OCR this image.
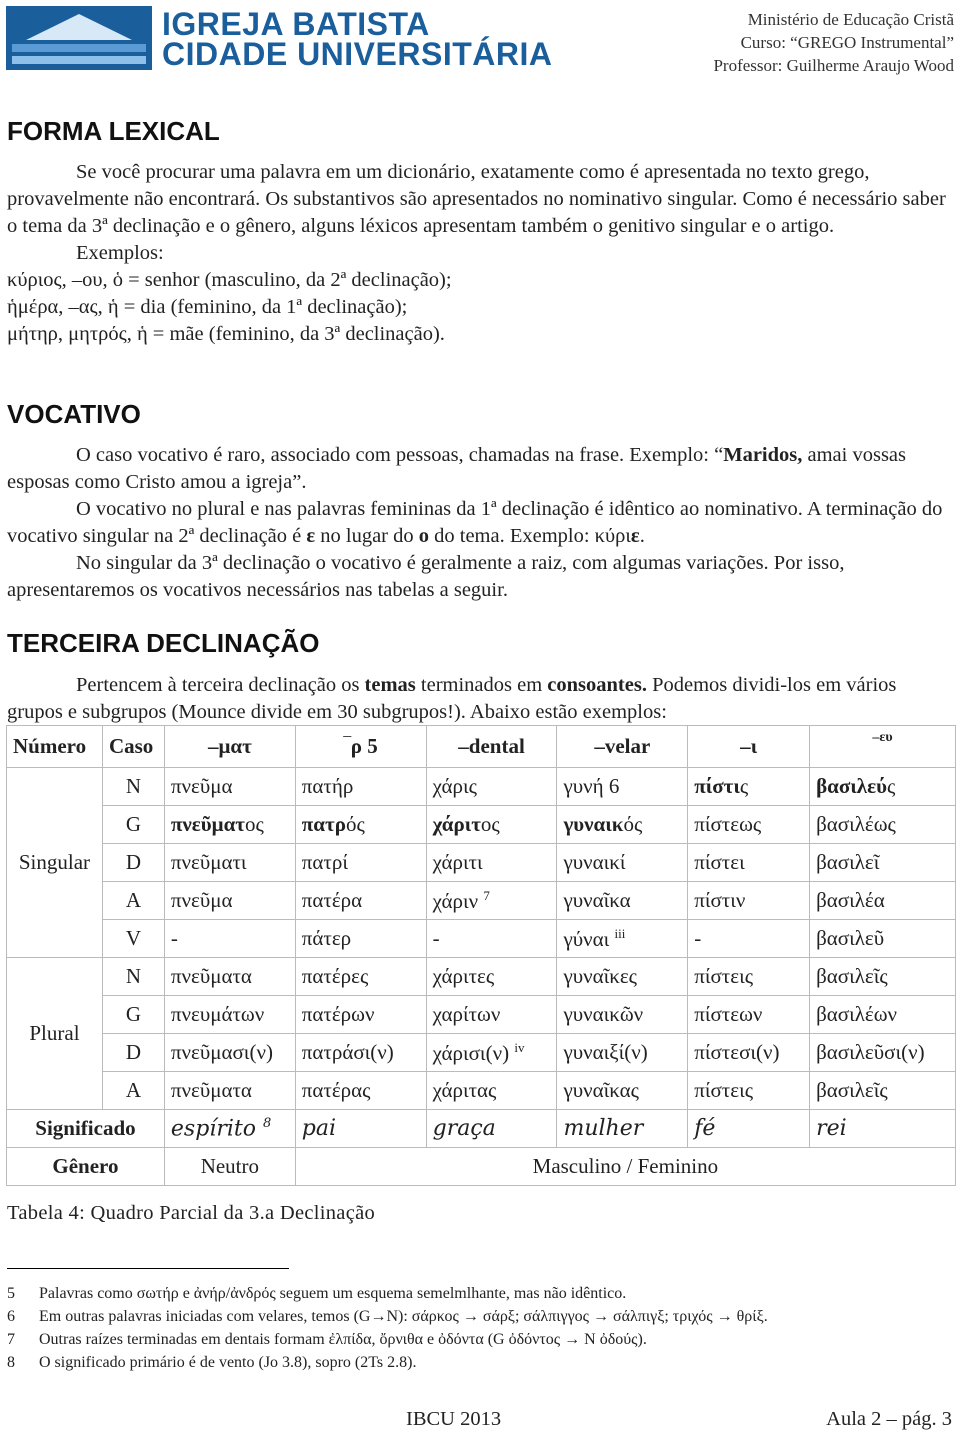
IGREJA BATISTA
CIDADE UNIVERSITÁRIA
Ministério de Educação Cristã
Curso: “GREGO Instrumental”
Professor: Guilherme Araujo Wood
FORMA LEXICAL

Se você procurar uma palavra em um dicionário, exatamente como é apresentada no texto grego, provavelmente não encontrará. Os substantivos são apresentados no nominativo singular. Como é necessário saber o tema da 3ª declinação e o gênero, alguns léxicos apresentam também o genitivo singular e o artigo.

Exemplos:

κύριος, –ου, ὁ = senhor (masculino, da 2ª declinação);

ἡμέρα, –ας, ἡ = dia (feminino, da 1ª declinação);

μήτηρ, μητρός, ἡ = mãe (feminino, da 3ª declinação).

VOCATIVO

O caso vocativo é raro, associado com pessoas, chamadas na frase. Exemplo: “Maridos, amai vossas esposas como Cristo amou a igreja”.

O vocativo no plural e nas palavras femininas da 1ª declinação é idêntico ao nominativo. A terminação do vocativo singular na 2ª declinação é ε no lugar do ο do tema. Exemplo: κύριε.

No singular da 3ª declinação o vocativo é geralmente a raiz, com algumas variações. Por isso, apresentaremos os vocativos necessários nas tabelas a seguir.

TERCEIRA DECLINAÇÃO

Pertencem à terceira declinação os temas terminados em consoantes. Podemos dividi-los em vários grupos e subgrupos (Mounce divide em 30 subgrupos!). Abaixo estão exemplos:

Número	Caso	–ματ	‾ρ 5	–dental	–velar	–ι	–ευ
Singular	N	πνεῦμα	πατήρ	χάρις	γυνή 6	πίστις	βασιλεύς
	G	πνεῦματος	πατρός	χάριτος	γυναικός	πίστεως	βασιλέως
	D	πνεῦματι	πατρί	χάριτι	γυναικί	πίστει	βασιλεῖ
	A	πνεῦμα	πατέρα	χάριν $^7$	γυναῖκα	πίστιν	βασιλέα
	V	-	πάτερ	-	γύναι $^{iii}$	-	βασιλεῦ
Plural	N	πνεῦματα	πατέρες	χάριτες	γυναῖκες	πίστεις	βασιλεῖς
	G	πνευμάτων	πατέρων	χαρίτων	γυναικῶν	πίστεων	βασιλέων
	D	πνεῦμασι(ν)	πατράσι(ν)	χάρισι(ν) $^{iv}$	γυναιξί(ν)	πίστεσι(ν)	βασιλεῦσι(ν)
	A	πνεῦματα	πατέρας	χάριτας	γυναῖκας	πίστεις	βασιλεῖς
Significado		espírito $^8$	pai	graça	mulher	fé	rei
Gênero		Neutro	Masculino / Feminino				
Tabela 4: Quadro Parcial da 3.a Declinação
5 Palavras como σωτήρ e ἀνήρ/ἀνδρός seguem um esquema semelmlhante, mas não idêntico.
6 Em outras palavras iniciadas com velares, temos (G→N): σάρκος → σάρξ; σάλπιγγος → σάλπιγξ; τριχός → θρίξ.
7 Outras raízes terminadas em dentais formam ἐλπίδα, ὄρνιθα e ὀδόντα (G ὀδόντος → N ὀδούς).
8 O significado primário é de vento (Jo 3.8), sopro (2Ts 2.8).
IBCU 2013	Aula 2 – pág. 3
